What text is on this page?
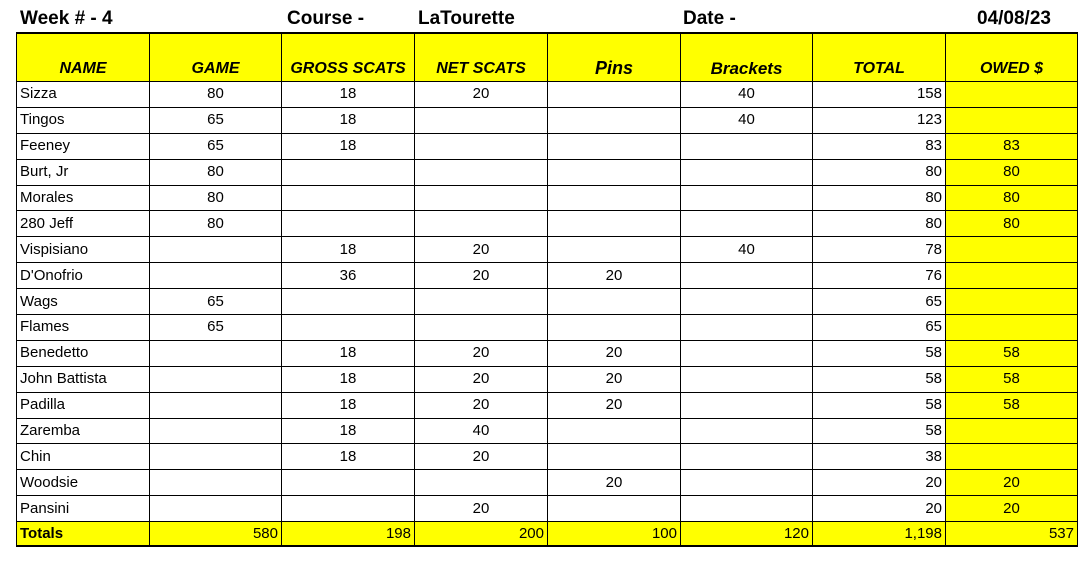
Week # - 4	Course -	LaTourette	Date -	04/08/23
NAME	GAME	GROSS SCATS	NET SCATS	Pins	Brackets	TOTAL	OWED $
Sizza	80	18	20		40	158	
Tingos	65	18			40	123	
Feeney	65	18				83	83
Burt, Jr	80					80	80
Morales	80					80	80
280 Jeff	80					80	80
Vispisiano		18	20		40	78	
D'Onofrio		36	20	20		76	
Wags	65					65	
Flames	65					65	
Benedetto		18	20	20		58	58
John Battista		18	20	20		58	58
Padilla		18	20	20		58	58
Zaremba		18	40			58	
Chin		18	20			38	
Woodsie				20		20	20
Pansini			20			20	20
Totals	580	198	200	100	120	1,198	537
